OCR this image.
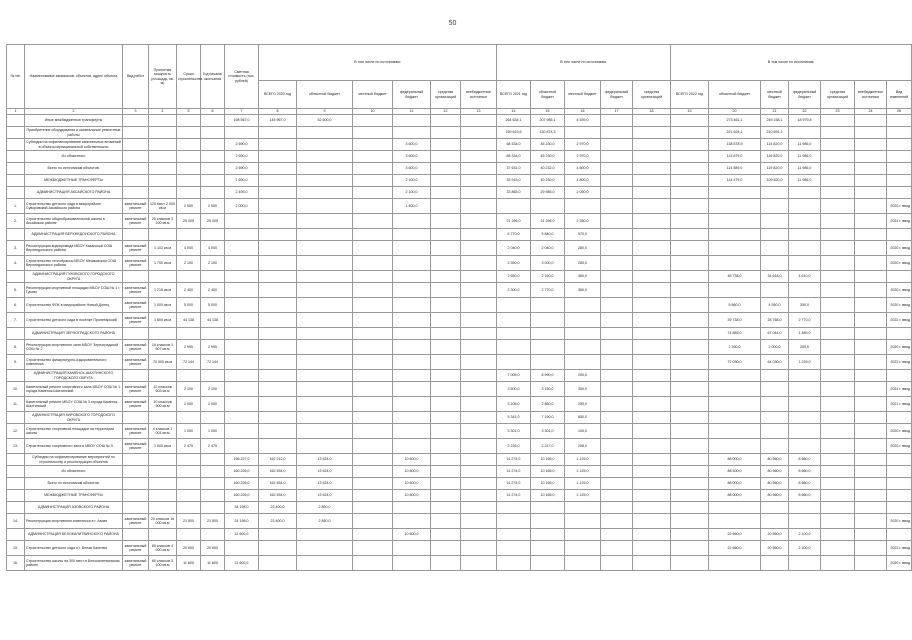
50
№ п/п	Наименование заказчиков, объектов, адрес объекта	Вид работ	Проектная мощность (площадь, кв. м)	Сроки строительства	Год начала/окончания	Сметная стоимость (тыс. рублей)	В том числе по источникам:						В том числе по источникам:					В том числе по источникам:						
							ВСЕГО 2020 год	областной бюджет	местный бюджет	федеральный бюджет	средства организаций	внебюджетные источники	ВСЕГО 2021 год	областной бюджет	местный бюджет	федеральный бюджет	средства организаций	ВСЕГО 2022 год	областной бюджет	местный бюджет	федеральный бюджет	средства организаций	внебюджетные источники		Вид изменений
1	2	3	4	5	6	7	8	9	10	11	12	13	14	15	16	17	18	19	20	21	22	23	24		26
	Иные межбюджетные трансферты					198 567,0	145 967,0	52 600,0					264 634,1	207 985,1	4 539,0				273 461,1	249 238,1	18 979,8				
	Приобретение оборудования и капитальные ремонтные работы												159 619,5	130 874,3					221 624,1	210 691,1					
	Субсидии на софинансирование капитальных вложений в объекты муниципальной собственности					2 690,0				3 600,0			68 334,0	45 230,0	2 970,0				138 578,9	114 820,0	11 986,0				
	Из областного					2 690,0				3 600,0			68 334,0	45 230,0	2 970,0				113 879,0	116 820,0	11 986,0				
	Всего по источникам объектов:					2 690,0				3 600,0			37 631,0	40 232,0	4 800,0				114 589,0	119 820,0	11 986,0				
	МЕЖБЮДЖЕТНЫЕ ТРАНСФЕРТЫ					1 690,0				2 100,0			35 915,0	40 230,0	4 800,0				114 479,0	109 820,0	11 986,0				
	АДМИНИСТРАЦИЯ АКСАЙСКОГО РАЙОНА					2 495,0				2 100,0			33 865,0	29 985,0	2 050,0										
1.	Строительство детского сада в микрорайоне Суворовский Аксайского района	капитальный ремонт	120 мест 2 000 кв.м	2 500	2 500	2 000,0				1 400,0															2020 г. ввод
2.	Строительство общеобразовательной школы в Аксайском районе	капитальный ремонт	25 классов 3 100 кв.м	25 005	25 005								21 296,0	21 296,0	2 350,0										2021 г. ввод
	АДМИНИСТРАЦИЯ ВЕРХНЕДОНСКОГО РАЙОНА												6 770,0	5 840,0	970,0										
3.	Реконструкция водопровода МБОУ Казанской СОШ Верхнедонского района	капитальный ремонт	1 102 кв.м	4 000	4 000								2 040,0	2 040,0	280,0										2020 г. ввод
4.	Строительство теплотрассы МБОУ Мешковская СОШ Верхнедонского района	капитальный ремонт	1 700 кв.м	2 100	2 100								2 390,0	3 000,0	280,0										2020 г. ввод
	АДМИНИСТРАЦИЯ ГУКОВСКОГО ГОРОДСКОГО ОКРУГА												2 650,0	2 190,0	360,0				45 738,0	34 618,0	4 610,0				
5.	Реконструкция спортивной площадки МБОУ СОШ № 1 г. Гуково	капитальный ремонт	1 210 кв.м	2 400	2 400								2 300,0	2 770,0	360,0										2020 г. ввод
6.	Строительство ФОК в микрорайоне Новый Донец	капитальный ремонт	1 000 кв.м	5 000	5 000														5 860,0	4 550,0	350,0				2020 г. ввод
7.	Строительство детского сада в поселке Пролетарский	капитальный ремонт	1 600 кв.м	44 138	44 138														39 738,0	28 768,0	2 770,0				2022 г. ввод
	АДМИНИСТРАЦИЯ ЗЕРНОГРАДСКОГО РАЙОНА																		74 889,0	67 044,0	1 489,0				
8.	Реконструкция спортивного зала МБОУ Зерноградской СОШ № 2	капитальный ремонт	16 классов 1 607 кв.м	2 995	2 995														2 250,0	2 000,0	250,0				2020 г. ввод
9.	Строительство физкультурно-оздоровительного комплекса	капитальный ремонт	70 900 кв.м	72 144	72 144														72 030,0	64 030,0	1 239,0				2022 г. ввод
	АДМИНИСТРАЦИЯ КАМЕНСК-ШАХТИНСКОГО ГОРОДСКОГО ОКРУГА												7 005,0	6 990,0	200,0										
10.	Капитальный ремонт спортивного зала МБОУ СОШ № 1 города Каменск-Шахтинский	капитальный ремонт	12 классов 605 кв.м	2 100	2 100								3 500,0	3 150,0	350,0										2021 г. ввод
11.	Капитальный ремонт МБОУ СОШ № 3 города Каменск-Шахтинский	капитальный ремонт	10 классов 900 кв.м	2 000	2 000								3 105,0	2 850,0	255,0										2021 г. ввод
	АДМИНИСТРАЦИЯ КИРОВСКОГО ГОРОДСКОГО ОКРУГА												5 341,0	7 190,0	650,0										
12.	Строительство спортивной площадки на территории школы	капитальный ремонт	4 классов 1 001 кв.м	1 000	1 000								3 301,0	3 301,0	100,0										2020 г. ввод
13.	Строительство спортивного зала в МБОУ СОШ № 5	капитальный ремонт	1 000 кв.м	2 475	2 475								2 235,0	2 217,0	208,0										2020 г. ввод
	Субсидии на софинансирование мероприятий по строительству и реконструкции объектов					156 227,0	162 212,0	13 524,0		10 600,0			11 274,0	10 165,0	1 125,0				88 000,0	80 560,0	8 660,0				
	Из областного					160 226,0	162 454,0	13 524,0		10 600,0			11 274,0	10 165,0	1 125,0				88 500,0	80 560,0	8 660,0				
	Всего по источникам объектов:					160 226,0	162 454,0	13 524,0		10 600,0			11 274,0	10 165,0	1 125,0				88 000,0	80 560,0	8 660,0				
	МЕЖБЮДЖЕТНЫЕ ТРАНСФЕРТЫ					160 226,0	162 454,0	13 524,0		10 600,0			11 274,0	10 165,0	1 125,0				88 000,0	80 560,0	8 660,0				
	АДМИНИСТРАЦИЯ АЗОВСКОГО РАЙОНА					34 198,0	23 400,0	2 850,0																	
14.	Реконструкция спортивного комплекса в г. Азове	капитальный ремонт	20 классов 16 000 кв.м	21 500	21 500	24 198,0	23 400,0	2 850,0																	2020 г. ввод
	АДМИНИСТРАЦИЯ БЕЛОКАЛИТВИНСКОГО РАЙОНА					11 600,0				10 600,0									22 660,0	20 560,0	2 100,0				
15.	Строительство детского сада в г. Белая Калитва	капитальный ремонт	80 классов 4 000 кв.м	20 600	20 600														22 660,0	20 560,0	2 100,0				2022 г. ввод
16.	Строительство школы на 300 мест в Белокалитвинском районе	капитальный ремонт	60 классов 3 100 кв.м	11 600	11 600	11 600,0																			2020 г. ввод
